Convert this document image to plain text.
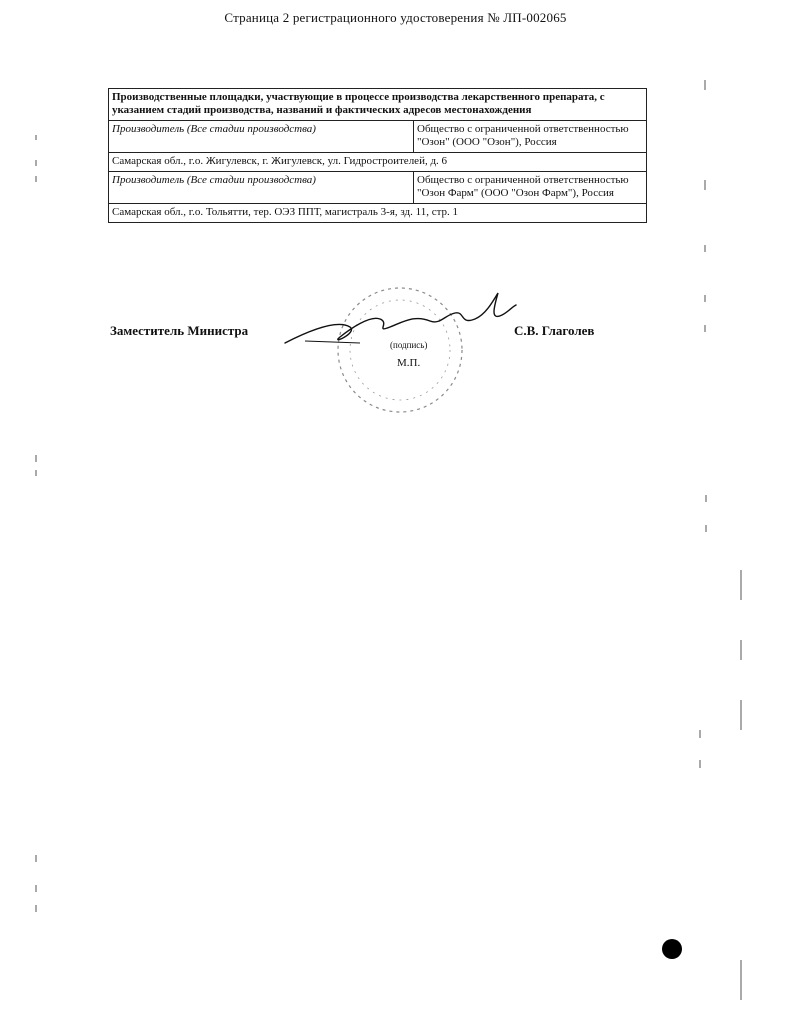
Страница 2 регистрационного удостоверения № ЛП-002065
Производственные площадки, участвующие в процессе производства лекарственного препарата, с указанием стадий производства, названий и фактических адресов местонахождения	
Производитель (Все стадии производства)	Общество с ограниченной ответственностью "Озон" (ООО "Озон"), Россия
Самарская обл., г.о. Жигулевск, г. Жигулевск, ул. Гидростроителей, д. 6	
Производитель (Все стадии производства)	Общество с ограниченной ответственностью "Озон Фарм" (ООО "Озон Фарм"), Россия
Самарская обл., г.о. Тольятти, тер. ОЭЗ ППТ, магистраль 3-я, зд. 11, стр. 1	
Заместитель Министра	С.В. Глаголев
(подпись)
М.П.
